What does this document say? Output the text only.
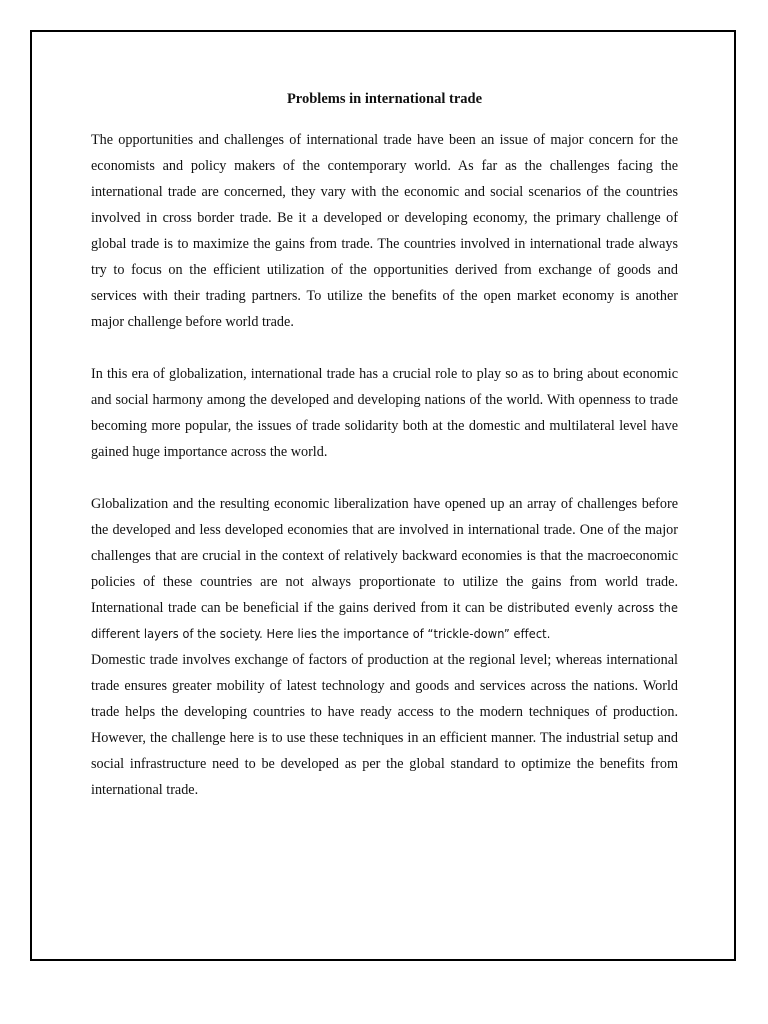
Problems in international trade

The opportunities and challenges of international trade have been an issue of major concern for the economists and policy makers of the contemporary world. As far as the challenges facing the international trade are concerned, they vary with the economic and social scenarios of the countries involved in cross border trade. Be it a developed or developing economy, the primary challenge of global trade is to maximize the gains from trade. The countries involved in international trade always try to focus on the efficient utilization of the opportunities derived from exchange of goods and services with their trading partners. To utilize the benefits of the open market economy is another major challenge before world trade.

In this era of globalization, international trade has a crucial role to play so as to bring about economic and social harmony among the developed and developing nations of the world. With openness to trade becoming more popular, the issues of trade solidarity both at the domestic and multilateral level have gained huge importance across the world.

Globalization and the resulting economic liberalization have opened up an array of challenges before the developed and less developed economies that are involved in international trade. One of the major challenges that are crucial in the context of relatively backward economies is that the macroeconomic policies of these countries are not always proportionate to utilize the gains from world trade. International trade can be beneficial if the gains derived from it can be distributed evenly across the different layers of the society. Here lies the importance of “trickle-down” effect.

Domestic trade involves exchange of factors of production at the regional level; whereas international trade ensures greater mobility of latest technology and goods and services across the nations. World trade helps the developing countries to have ready access to the modern techniques of production. However, the challenge here is to use these techniques in an efficient manner. The industrial setup and social infrastructure need to be developed as per the global standard to optimize the benefits from international trade.
